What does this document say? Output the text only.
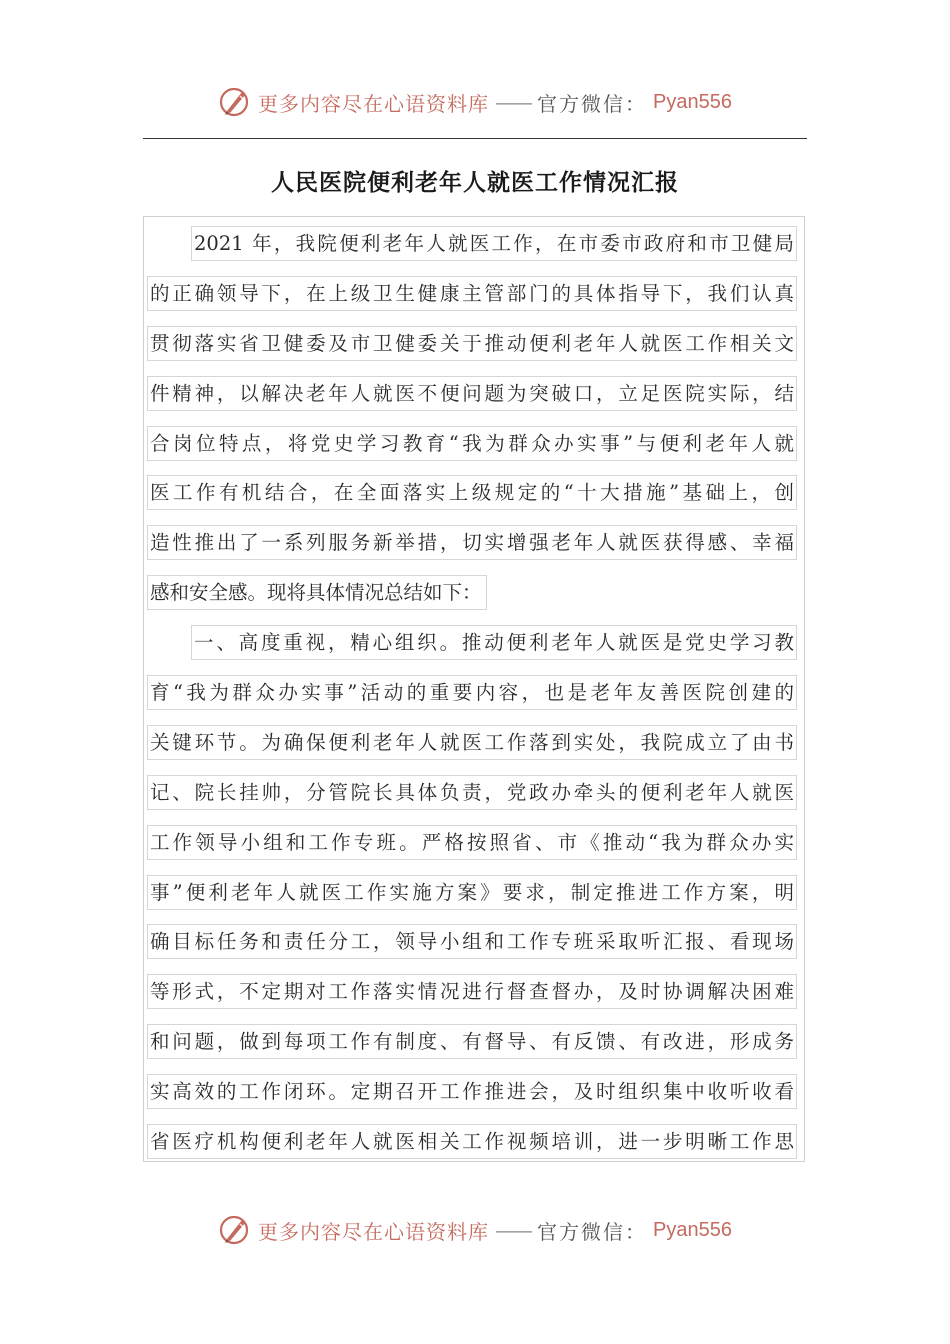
更多内容尽在心语资料库 —— 官方微信： Pyan556
人民医院便利老年人就医工作情况汇报
2021 年，我院便利老年人就医工作，在市委市政府和市卫健局
的正确领导下，在上级卫生健康主管部门的具体指导下，我们认真
贯彻落实省卫健委及市卫健委关于推动便利老年人就医工作相关文
件精神，以解决老年人就医不便问题为突破口，立足医院实际，结
合岗位特点，将党史学习教育“我为群众办实事”与便利老年人就
医工作有机结合，在全面落实上级规定的“十大措施”基础上，创
造性推出了一系列服务新举措，切实增强老年人就医获得感、幸福
感和安全感。现将具体情况总结如下：
一、高度重视，精心组织。推动便利老年人就医是党史学习教
育“我为群众办实事”活动的重要内容，也是老年友善医院创建的
关键环节。为确保便利老年人就医工作落到实处，我院成立了由书
记、院长挂帅，分管院长具体负责，党政办牵头的便利老年人就医
工作领导小组和工作专班。严格按照省、市《推动“我为群众办实
事”便利老年人就医工作实施方案》要求，制定推进工作方案，明
确目标任务和责任分工，领导小组和工作专班采取听汇报、看现场
等形式，不定期对工作落实情况进行督查督办，及时协调解决困难
和问题，做到每项工作有制度、有督导、有反馈、有改进，形成务
实高效的工作闭环。定期召开工作推进会，及时组织集中收听收看
省医疗机构便利老年人就医相关工作视频培训，进一步明晰工作思
更多内容尽在心语资料库 —— 官方微信： Pyan556
